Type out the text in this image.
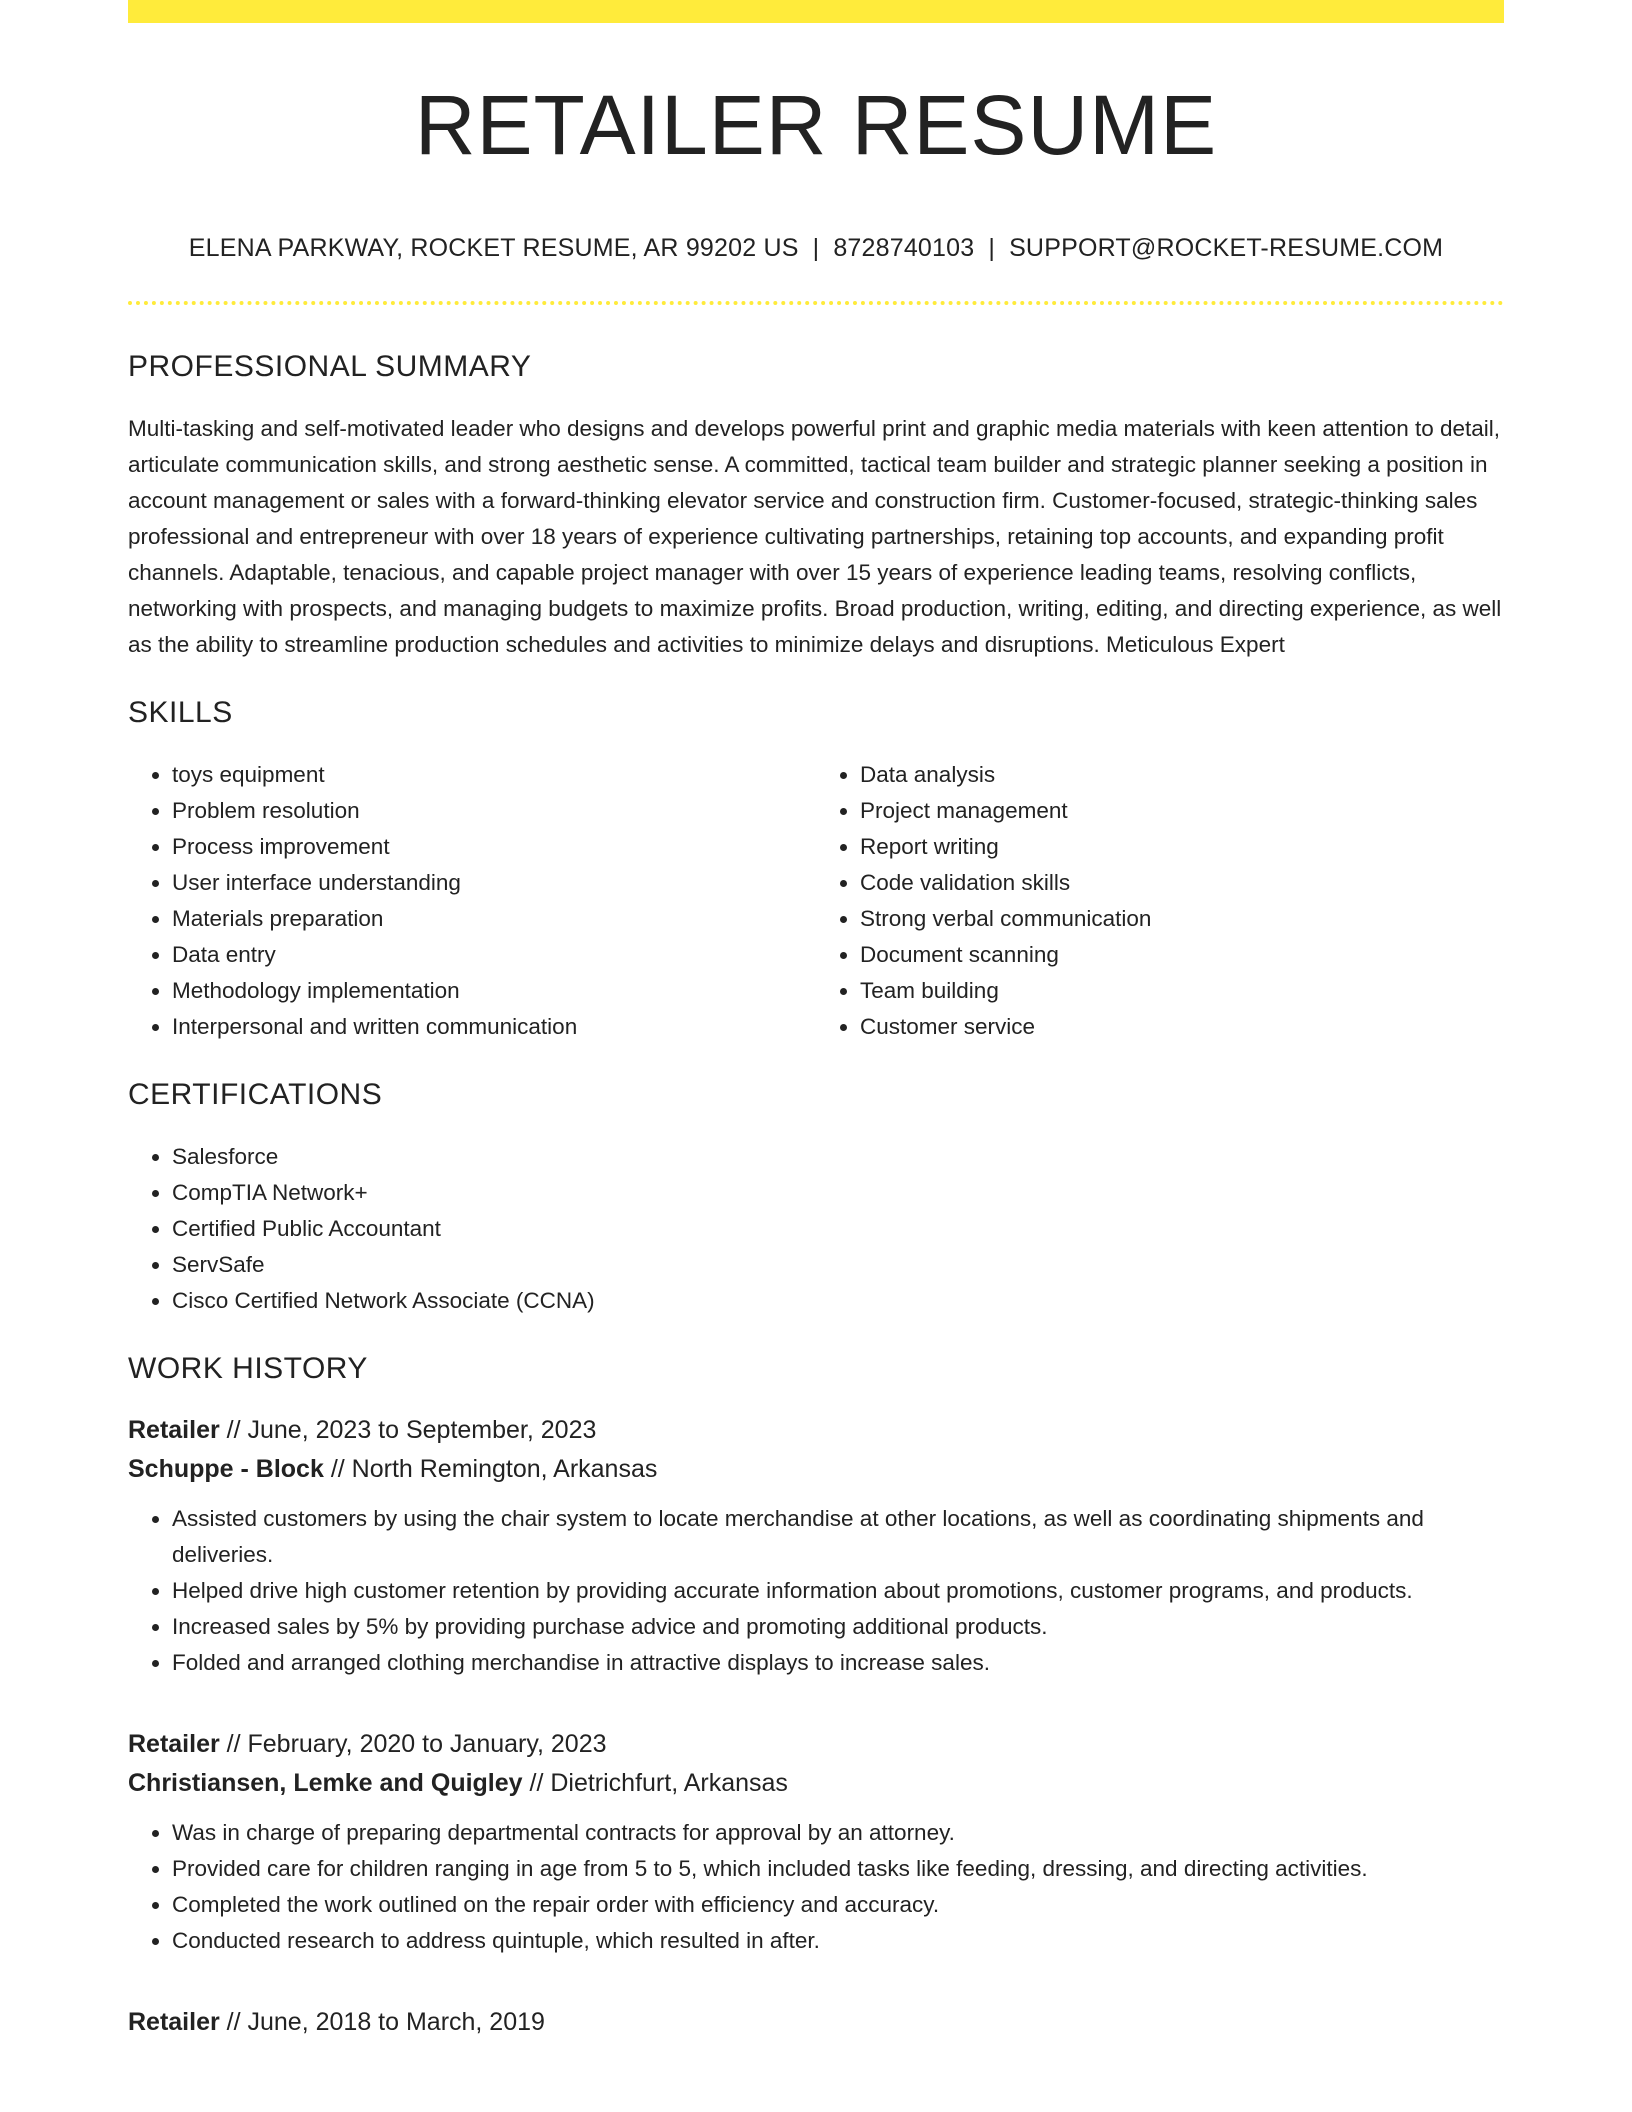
RETAILER RESUME
ELENA PARKWAY, ROCKET RESUME, AR 99202 US | 8728740103 | SUPPORT@ROCKET-RESUME.COM
PROFESSIONAL SUMMARY

Multi-tasking and self-motivated leader who designs and develops powerful print and graphic media materials with keen attention to detail, articulate communication skills, and strong aesthetic sense. A committed, tactical team builder and strategic planner seeking a position in account management or sales with a forward-thinking elevator service and construction firm. Customer-focused, strategic-thinking sales professional and entrepreneur with over 18 years of experience cultivating partnerships, retaining top accounts, and expanding profit channels. Adaptable, tenacious, and capable project manager with over 15 years of experience leading teams, resolving conflicts, networking with prospects, and managing budgets to maximize profits. Broad production, writing, editing, and directing experience, as well as the ability to streamline production schedules and activities to minimize delays and disruptions. Meticulous Expert

SKILLS
• toys equipment
• Problem resolution
• Process improvement
• User interface understanding
• Materials preparation
• Data entry
• Methodology implementation
• Interpersonal and written communication
• Data analysis
• Project management
• Report writing
• Code validation skills
• Strong verbal communication
• Document scanning
• Team building
• Customer service
CERTIFICATIONS
• Salesforce
• CompTIA Network+
• Certified Public Accountant
• ServSafe
• Cisco Certified Network Associate (CCNA)
WORK HISTORY
Retailer // June, 2023 to September, 2023
Schuppe - Block // North Remington, Arkansas
• Assisted customers by using the chair system to locate merchandise at other locations, as well as coordinating shipments and deliveries.
• Helped drive high customer retention by providing accurate information about promotions, customer programs, and products.
• Increased sales by 5% by providing purchase advice and promoting additional products.
• Folded and arranged clothing merchandise in attractive displays to increase sales.
Retailer // February, 2020 to January, 2023
Christiansen, Lemke and Quigley // Dietrichfurt, Arkansas
• Was in charge of preparing departmental contracts for approval by an attorney.
• Provided care for children ranging in age from 5 to 5, which included tasks like feeding, dressing, and directing activities.
• Completed the work outlined on the repair order with efficiency and accuracy.
• Conducted research to address quintuple, which resulted in after.
Retailer // June, 2018 to March, 2019
